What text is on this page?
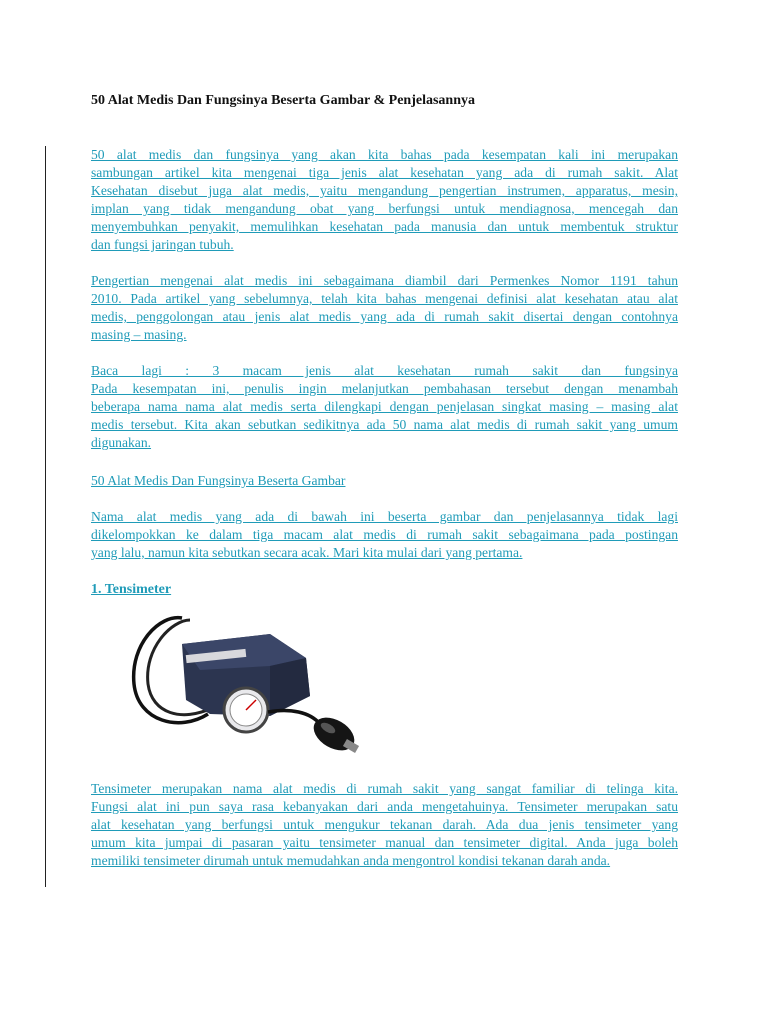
50 Alat Medis Dan Fungsinya Beserta Gambar & Penjelasannya

50 alat medis dan fungsinya yang akan kita bahas pada kesempatan kali ini merupakan
sambungan artikel kita mengenai tiga jenis alat kesehatan yang ada di rumah sakit. Alat
Kesehatan disebut juga alat medis, yaitu mengandung pengertian instrumen, apparatus, mesin,
implan yang tidak mengandung obat yang berfungsi untuk mendiagnosa, mencegah dan
menyembuhkan penyakit, memulihkan kesehatan pada manusia dan untuk membentuk struktur
dan fungsi jaringan tubuh.

Pengertian mengenai alat medis ini sebagaimana diambil dari Permenkes Nomor 1191 tahun
2010. Pada artikel yang sebelumnya, telah kita bahas mengenai definisi alat kesehatan atau alat
medis, penggolongan atau jenis alat medis yang ada di rumah sakit disertai dengan contohnya
masing – masing.

Baca lagi : 3 macam jenis alat kesehatan rumah sakit dan fungsinya
Pada kesempatan ini, penulis ingin melanjutkan pembahasan tersebut dengan menambah
beberapa nama nama alat medis serta dilengkapi dengan penjelasan singkat masing – masing alat
medis tersebut. Kita akan sebutkan sedikitnya ada 50 nama alat medis di rumah sakit yang umum
digunakan.

50 Alat Medis Dan Fungsinya Beserta Gambar

Nama alat medis yang ada di bawah ini beserta gambar dan penjelasannya tidak lagi
dikelompokkan ke dalam tiga macam alat medis di rumah sakit sebagaimana pada postingan
yang lalu, namun kita sebutkan secara acak. Mari kita mulai dari yang pertama.

1. Tensimeter

Tensimeter merupakan nama alat medis di rumah sakit yang sangat familiar di telinga kita.
Fungsi alat ini pun saya rasa kebanyakan dari anda mengetahuinya. Tensimeter merupakan satu
alat kesehatan yang berfungsi untuk mengukur tekanan darah. Ada dua jenis tensimeter yang
umum kita jumpai di pasaran yaitu tensimeter manual dan tensimeter digital. Anda juga boleh
memiliki tensimeter dirumah untuk memudahkan anda mengontrol kondisi tekanan darah anda.
